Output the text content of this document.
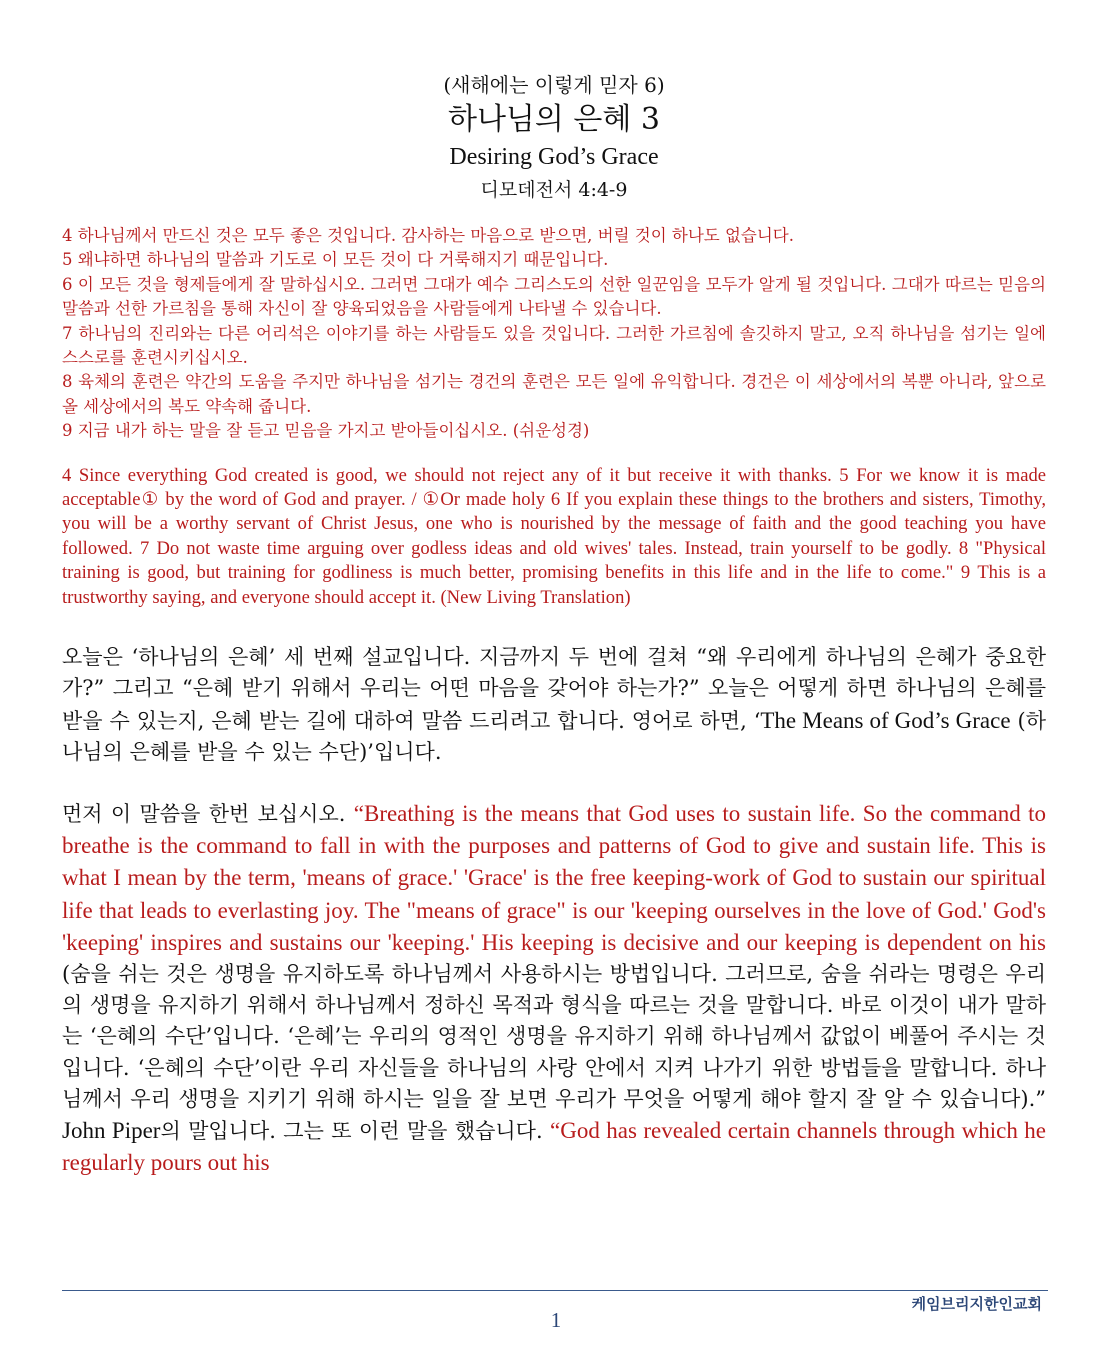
(새해에는 이렇게 믿자 6)
하나님의 은혜 3
Desiring God’s Grace
디모데전서 4:4-9

4 하나님께서 만드신 것은 모두 좋은 것입니다. 감사하는 마음으로 받으면, 버릴 것이 하나도 없습니다.

5 왜냐하면 하나님의 말씀과 기도로 이 모든 것이 다 거룩해지기 때문입니다.

6 이 모든 것을 형제들에게 잘 말하십시오. 그러면 그대가 예수 그리스도의 선한 일꾼임을 모두가 알게 될 것입니다. 그대가 따르는 믿음의 말씀과 선한 가르침을 통해 자신이 잘 양육되었음을 사람들에게 나타낼 수 있습니다.

7 하나님의 진리와는 다른 어리석은 이야기를 하는 사람들도 있을 것입니다. 그러한 가르침에 솔깃하지 말고, 오직 하나님을 섬기는 일에 스스로를 훈련시키십시오.

8 육체의 훈련은 약간의 도움을 주지만 하나님을 섬기는 경건의 훈련은 모든 일에 유익합니다. 경건은 이 세상에서의 복뿐 아니라, 앞으로 올 세상에서의 복도 약속해 줍니다.

9 지금 내가 하는 말을 잘 듣고 믿음을 가지고 받아들이십시오. (쉬운성경)

4 Since everything God created is good, we should not reject any of it but receive it with thanks. 5 For we know it is made acceptable① by the word of God and prayer. / ①Or made holy 6 If you explain these things to the brothers and sisters, Timothy, you will be a worthy servant of Christ Jesus, one who is nourished by the message of faith and the good teaching you have followed. 7 Do not waste time arguing over godless ideas and old wives' tales. Instead, train yourself to be godly. 8 "Physical training is good, but training for godliness is much better, promising benefits in this life and in the life to come." 9 This is a trustworthy saying, and everyone should accept it. (New Living Translation)

오늘은 ‘하나님의 은혜’ 세 번째 설교입니다. 지금까지 두 번에 걸쳐 “왜 우리에게 하나님의 은혜가 중요한가?” 그리고 “은혜 받기 위해서 우리는 어떤 마음을 갖어야 하는가?” 오늘은 어떻게 하면 하나님의 은혜를 받을 수 있는지, 은혜 받는 길에 대하여 말씀 드리려고 합니다. 영어로 하면, ‘The Means of God’s Grace (하나님의 은혜를 받을 수 있는 수단)’입니다.
먼저 이 말씀을 한번 보십시오. “Breathing is the means that God uses to sustain life. So the command to breathe is the command to fall in with the purposes and patterns of God to give and sustain life. This is what I mean by the term, 'means of grace.' 'Grace' is the free keeping-work of God to sustain our spiritual life that leads to everlasting joy. The "means of grace" is our 'keeping ourselves in the love of God.' God's 'keeping' inspires and sustains our 'keeping.' His keeping is decisive and our keeping is dependent on his (숨을 쉬는 것은 생명을 유지하도록 하나님께서 사용하시는 방법입니다. 그러므로, 숨을 쉬라는 명령은 우리의 생명을 유지하기 위해서 하나님께서 정하신 목적과 형식을 따르는 것을 말합니다. 바로 이것이 내가 말하는 ‘은혜의 수단’입니다. ‘은혜’는 우리의 영적인 생명을 유지하기 위해 하나님께서 값없이 베풀어 주시는 것입니다. ‘은혜의 수단’이란 우리 자신들을 하나님의 사랑 안에서 지켜 나가기 위한 방법들을 말합니다. 하나님께서 우리 생명을 지키기 위해 하시는 일을 잘 보면 우리가 무엇을 어떻게 해야 할지 잘 알 수 있습니다).” John Piper의 말입니다. 그는 또 이런 말을 했습니다. “God has revealed certain channels through which he regularly pours out his
케임브리지한인교회
1
